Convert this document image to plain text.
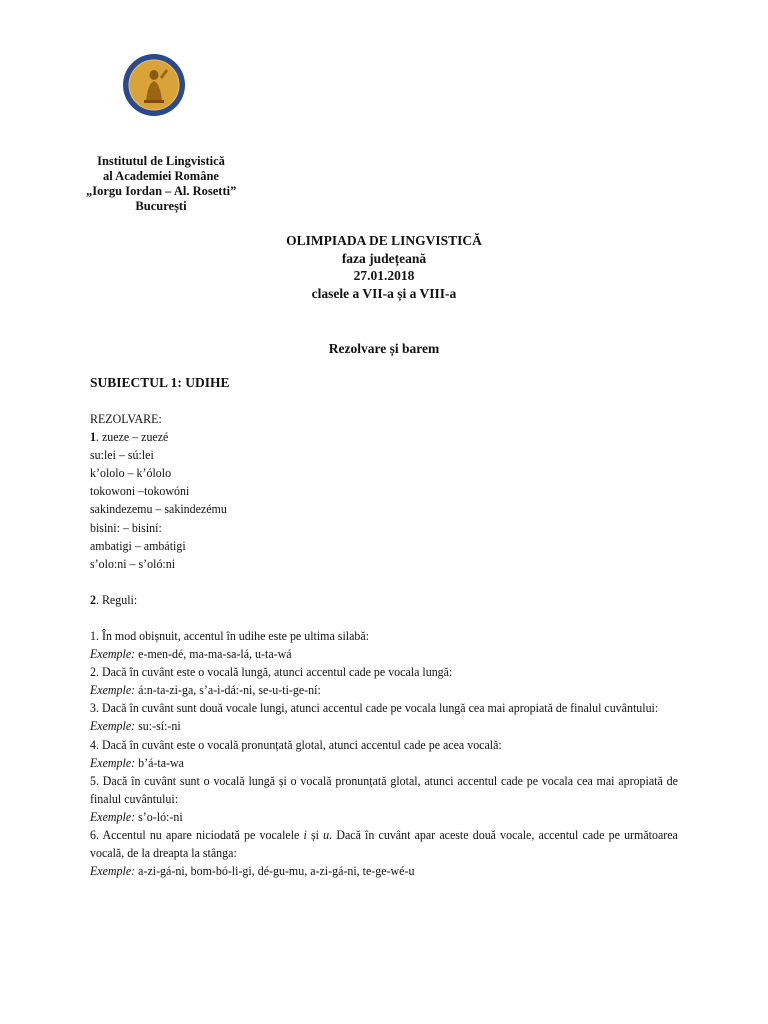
Institutul de Lingvistică
al Academiei Române
„Iorgu Iordan – Al. Rosetti”
București
OLIMPIADA DE LINGVISTICĂ
faza județeană
27.01.2018
clasele a VII-a și a VIII-a
Rezolvare și barem
SUBIECTUL 1: UDIHE
REZOLVARE:
1. zueze – zuezé
su:lei – sú:lei
k’ololo – k’ólolo
tokowoni –tokowóni
sakindezemu – sakindezému
bisini: – bisiní:
ambatigi – ambátigi
s’olo:ni – s’oló:ni
2. Reguli:
1. În mod obișnuit, accentul în udihe este pe ultima silabă:
Exemple: e-men-dé, ma-ma-sa-lá, u-ta-wá
2. Dacă în cuvânt este o vocală lungă, atunci accentul cade pe vocala lungă:
Exemple: á:n-ta-zi-ga, s’a-i-dá:-ni, se-u-ti-ge-ní:
3. Dacă în cuvânt sunt două vocale lungi, atunci accentul cade pe vocala lungă cea mai apropiată de finalul cuvântului:
Exemple: su:-sí:-ni
4. Dacă în cuvânt este o vocală pronunțată glotal, atunci accentul cade pe acea vocală:
Exemple: b’á-ta-wa
5. Dacă în cuvânt sunt o vocală lungă și o vocală pronunțată glotal, atunci accentul cade pe vocala cea mai apropiată de finalul cuvântului:
Exemple: s’o-ló:-ni
6. Accentul nu apare niciodată pe vocalele i și u. Dacă în cuvânt apar aceste două vocale, accentul cade pe următoarea vocală, de la dreapta la stânga:
Exemple: a-zi-gá-ni, bom-bó-li-gi, dé-gu-mu, a-zi-gá-ni, te-ge-wé-u
